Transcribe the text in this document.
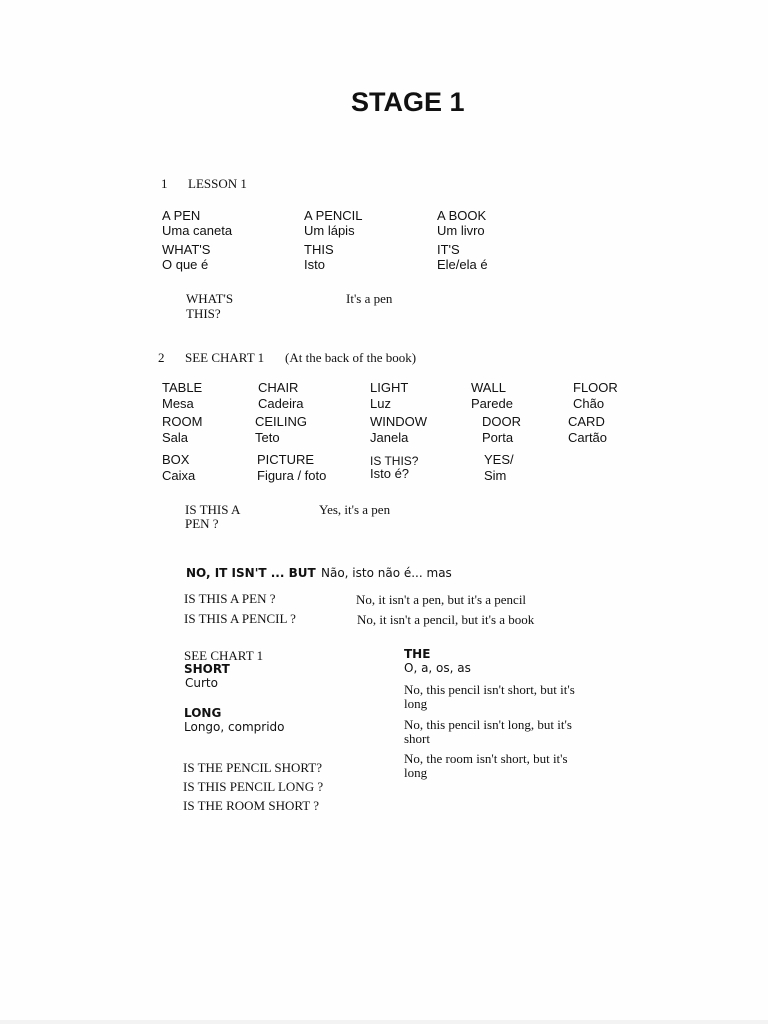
STAGE 1
1 LESSON 1
A PEN
Uma caneta
A PENCIL
Um lápis
A BOOK
Um livro
WHAT'S
O que é
THIS
Isto
IT'S
Ele/ela é
WHAT'S
THIS?
It's a pen
2 SEE CHART 1 (At the back of the book)
TABLE
Mesa
CHAIR
Cadeira
LIGHT
Luz
WALL
Parede
FLOOR
Chão
ROOM
Sala
CEILING
Teto
WINDOW
Janela
DOOR
Porta
CARD
Cartão
BOX
Caixa
PICTURE
Figura / foto
IS THIS?
Isto é?
YES/
Sim
IS THIS A
PEN ?
Yes, it's a pen
NO, IT ISN'T ... BUT Não, isto não é... mas
IS THIS A PEN ?	No, it isn't a pen, but it's a pencil
IS THIS A PENCIL ?	No, it isn't a pencil, but it's a book
SEE CHART 1
SHORT
Curto
LONG
Longo, comprido
IS THE PENCIL SHORT?
IS THIS PENCIL LONG ?
IS THE ROOM SHORT ?
THE
O, a, os, as
No, this pencil isn't short, but it's
long
No, this pencil isn't long, but it's
short
No, the room isn't short, but it's
long
